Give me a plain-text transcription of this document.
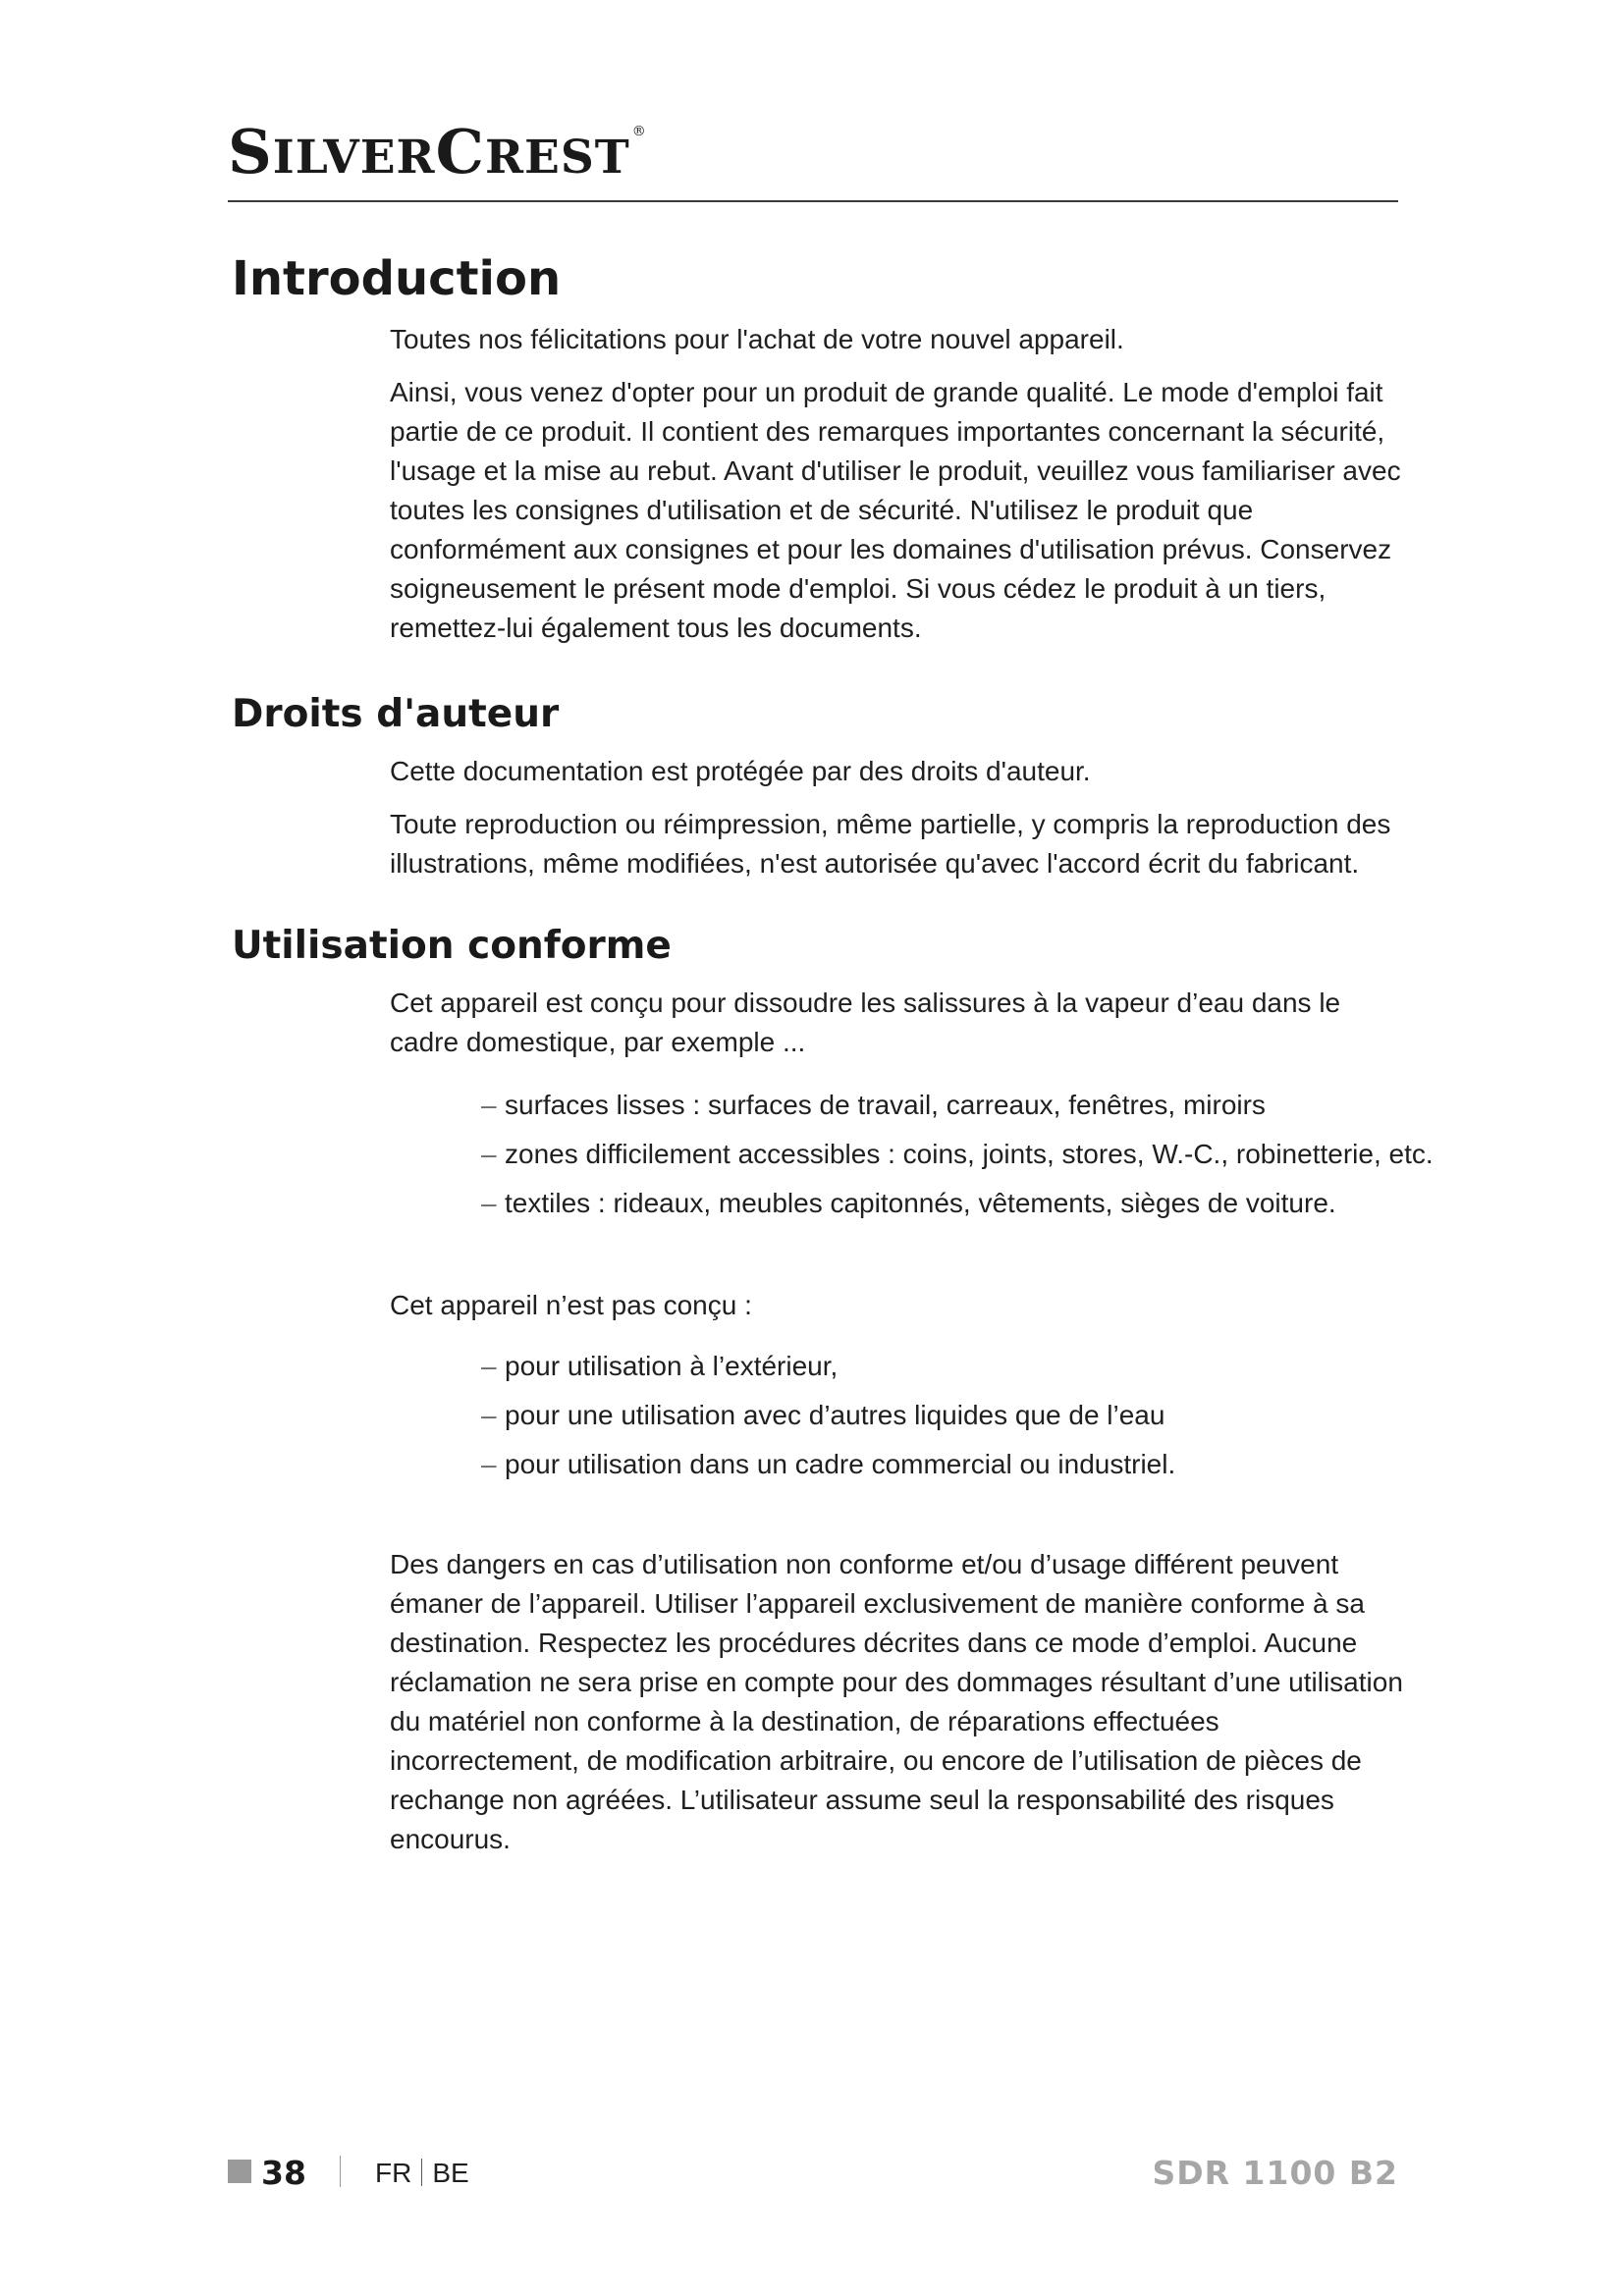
SILVERCREST ®
Introduction

Toutes nos félicitations pour l'achat de votre nouvel appareil.

Ainsi, vous venez d'opter pour un produit de grande qualité. Le mode d'emploi fait partie de ce produit. Il contient des remarques importantes concernant la sécurité, l'usage et la mise au rebut. Avant d'utiliser le produit, veuillez vous familiariser avec toutes les consignes d'utilisation et de sécurité. N'utilisez le produit que conformément aux consignes et pour les domaines d'utilisation prévus. Conservez soigneusement le présent mode d'emploi. Si vous cédez le produit à un tiers, remettez-lui également tous les documents.

Droits d'auteur

Cette documentation est protégée par des droits d'auteur.

Toute reproduction ou réimpression, même partielle, y compris la reproduction des illustrations, même modifiées, n'est autorisée qu'avec l'accord écrit du fabricant.

Utilisation conforme

Cet appareil est conçu pour dissoudre les salissures à la vapeur d’eau dans le cadre domestique, par exemple ...

– surfaces lisses : surfaces de travail, carreaux, fenêtres, miroirs
– zones difficilement accessibles : coins, joints, stores, W.-C., robinetterie, etc.
– textiles : rideaux, meubles capitonnés, vêtements, sièges de voiture.

Cet appareil n’est pas conçu :

– pour utilisation à l’extérieur,
– pour une utilisation avec d’autres liquides que de l’eau
– pour utilisation dans un cadre commercial ou industriel.

Des dangers en cas d’utilisation non conforme et/ou d’usage différent peuvent émaner de l’appareil. Utiliser l’appareil exclusivement de manière conforme à sa destination. Respectez les procédures décrites dans ce mode d’emploi. Aucune réclamation ne sera prise en compte pour des dommages résultant d’une utilisation du matériel non conforme à la destination, de réparations effectuées incorrectement, de modification arbitraire, ou encore de l’utilisation de pièces de rechange non agréées. L’utilisateur assume seul la responsabilité des risques encourus.

38	FR BE	SDR 1100 B2
